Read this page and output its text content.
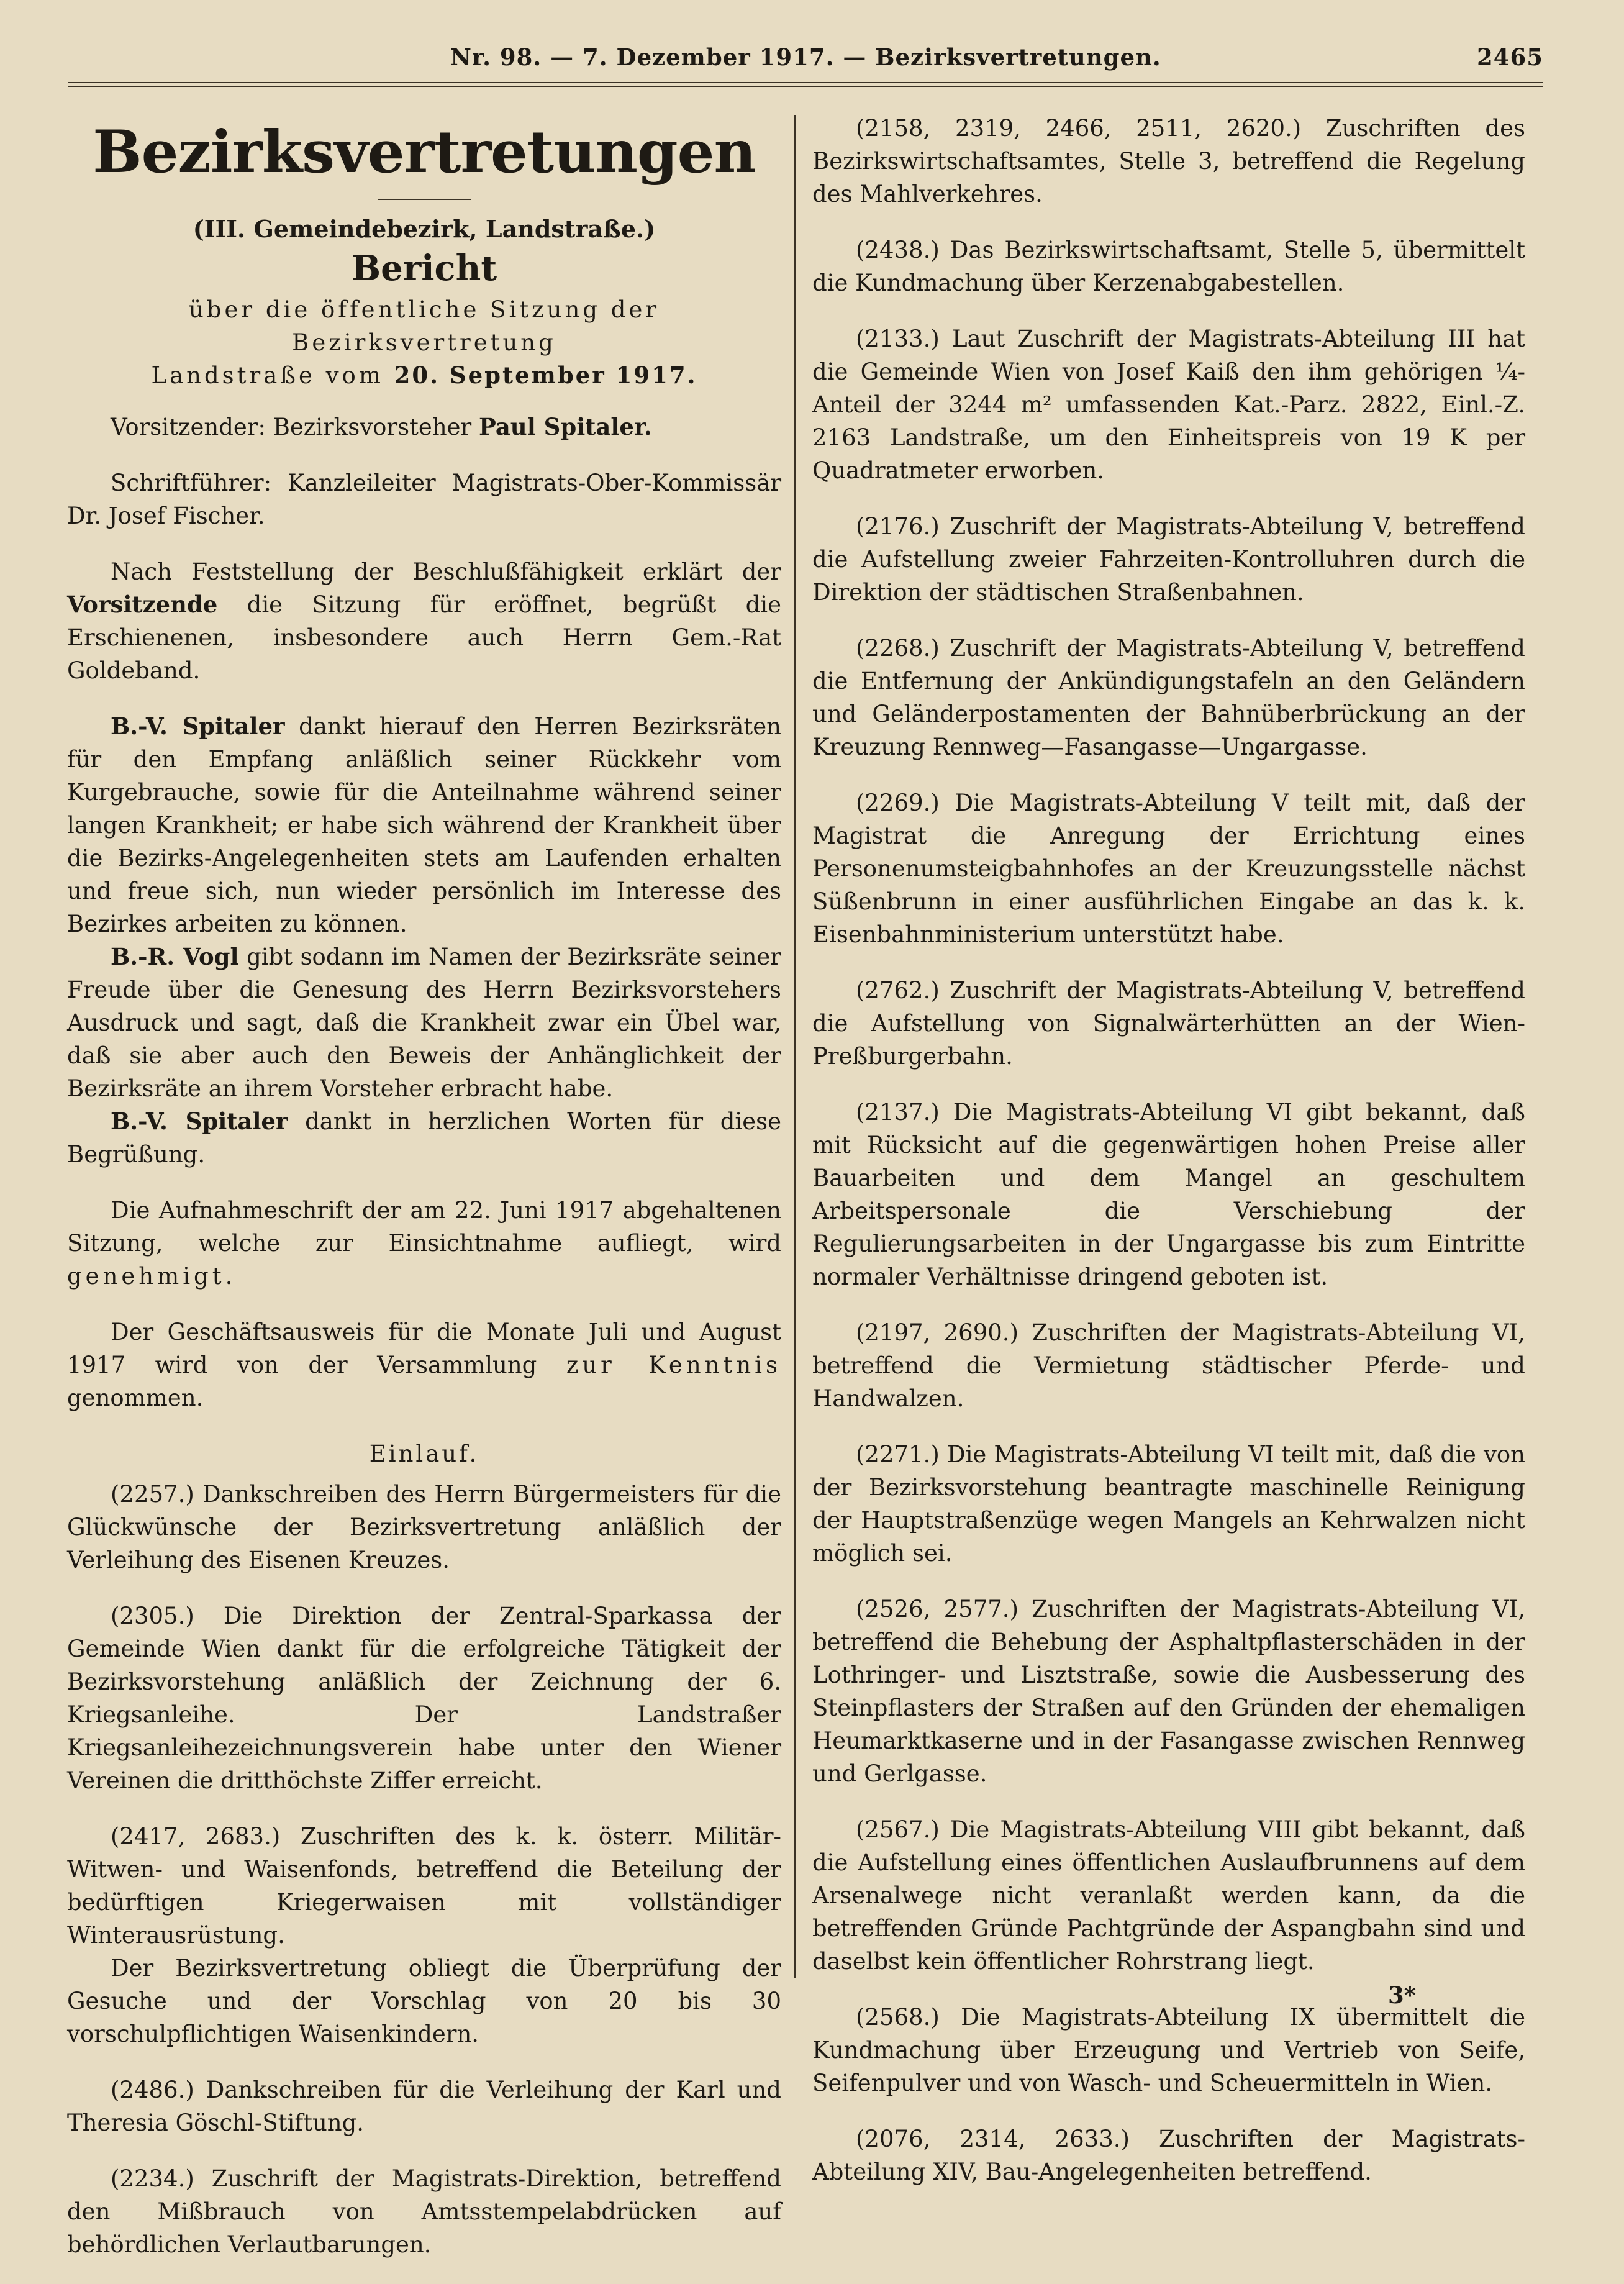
Nr. 98. — 7. Dezember 1917. — Bezirksvertretungen.	2465
Bezirksvertretungen
(III. Gemeindebezirk, Landstraße.)
Bericht
über die öffentliche Sitzung der Bezirksvertretung
Landstraße vom 20. September 1917.

Vorsitzender: Bezirksvorsteher Paul Spitaler.

Schriftführer: Kanzleileiter Magistrats-Ober-Kommissär Dr. Josef Fischer.

Nach Feststellung der Beschlußfähigkeit erklärt der Vorsitzende die Sitzung für eröffnet, begrüßt die Erschienenen, insbesondere auch Herrn Gem.-Rat Goldeband.

B.-V. Spitaler dankt hierauf den Herren Bezirksräten für den Empfang anläßlich seiner Rückkehr vom Kurgebrauche, sowie für die Anteilnahme während seiner langen Krankheit; er habe sich während der Krankheit über die Bezirks-Angelegenheiten stets am Laufenden erhalten und freue sich, nun wieder persönlich im Interesse des Bezirkes arbeiten zu können.

B.-R. Vogl gibt sodann im Namen der Bezirksräte seiner Freude über die Genesung des Herrn Bezirksvorstehers Ausdruck und sagt, daß die Krankheit zwar ein Übel war, daß sie aber auch den Beweis der Anhänglichkeit der Bezirksräte an ihrem Vorsteher erbracht habe.

B.-V. Spitaler dankt in herzlichen Worten für diese Begrüßung.

Die Aufnahmeschrift der am 22. Juni 1917 abgehaltenen Sitzung, welche zur Einsichtnahme aufliegt, wird genehmigt.

Der Geschäftsausweis für die Monate Juli und August 1917 wird von der Versammlung zur Kenntnis genommen.

Einlauf.

(2257.) Dankschreiben des Herrn Bürgermeisters für die Glückwünsche der Bezirksvertretung anläßlich der Verleihung des Eisenen Kreuzes.

(2305.) Die Direktion der Zentral-Sparkassa der Gemeinde Wien dankt für die erfolgreiche Tätigkeit der Bezirksvorstehung anläßlich der Zeichnung der 6. Kriegsanleihe. Der Landstraßer Kriegsanleihezeichnungsverein habe unter den Wiener Vereinen die dritthöchste Ziffer erreicht.

(2417, 2683.) Zuschriften des k. k. österr. Militär-Witwen- und Waisenfonds, betreffend die Beteilung der bedürftigen Kriegerwaisen mit vollständiger Winterausrüstung.

Der Bezirksvertretung obliegt die Überprüfung der Gesuche und der Vorschlag von 20 bis 30 vorschulpflichtigen Waisenkindern.

(2486.) Dankschreiben für die Verleihung der Karl und Theresia Göschl-Stiftung.

(2234.) Zuschrift der Magistrats-Direktion, betreffend den Mißbrauch von Amtsstempelabdrücken auf behördlichen Verlautbarungen.

(2158, 2319, 2466, 2511, 2620.) Zuschriften des Bezirkswirtschaftsamtes, Stelle 3, betreffend die Regelung des Mahlverkehres.

(2438.) Das Bezirkswirtschaftsamt, Stelle 5, übermittelt die Kundmachung über Kerzenabgabestellen.

(2133.) Laut Zuschrift der Magistrats-Abteilung III hat die Gemeinde Wien von Josef Kaiß den ihm gehörigen ¼-Anteil der 3244 m² umfassenden Kat.-Parz. 2822, Einl.-Z. 2163 Landstraße, um den Einheitspreis von 19 K per Quadratmeter erworben.

(2176.) Zuschrift der Magistrats-Abteilung V, betreffend die Aufstellung zweier Fahrzeiten-Kontrolluhren durch die Direktion der städtischen Straßenbahnen.

(2268.) Zuschrift der Magistrats-Abteilung V, betreffend die Entfernung der Ankündigungstafeln an den Geländern und Geländerpostamenten der Bahnüberbrückung an der Kreuzung Rennweg—Fasangasse—Ungargasse.

(2269.) Die Magistrats-Abteilung V teilt mit, daß der Magistrat die Anregung der Errichtung eines Personenumsteigbahnhofes an der Kreuzungsstelle nächst Süßenbrunn in einer ausführlichen Eingabe an das k. k. Eisenbahnministerium unterstützt habe.

(2762.) Zuschrift der Magistrats-Abteilung V, betreffend die Aufstellung von Signalwärterhütten an der Wien-Preßburgerbahn.

(2137.) Die Magistrats-Abteilung VI gibt bekannt, daß mit Rücksicht auf die gegenwärtigen hohen Preise aller Bauarbeiten und dem Mangel an geschultem Arbeitspersonale die Verschiebung der Regulierungsarbeiten in der Ungargasse bis zum Eintritte normaler Verhältnisse dringend geboten ist.

(2197, 2690.) Zuschriften der Magistrats-Abteilung VI, betreffend die Vermietung städtischer Pferde- und Handwalzen.

(2271.) Die Magistrats-Abteilung VI teilt mit, daß die von der Bezirksvorstehung beantragte maschinelle Reinigung der Hauptstraßenzüge wegen Mangels an Kehrwalzen nicht möglich sei.

(2526, 2577.) Zuschriften der Magistrats-Abteilung VI, betreffend die Behebung der Asphaltpflasterschäden in der Lothringer- und Lisztstraße, sowie die Ausbesserung des Steinpflasters der Straßen auf den Gründen der ehemaligen Heumarktkaserne und in der Fasangasse zwischen Rennweg und Gerlgasse.

(2567.) Die Magistrats-Abteilung VIII gibt bekannt, daß die Aufstellung eines öffentlichen Auslaufbrunnens auf dem Arsenalwege nicht veranlaßt werden kann, da die betreffenden Gründe Pachtgründe der Aspangbahn sind und daselbst kein öffentlicher Rohrstrang liegt.

(2568.) Die Magistrats-Abteilung IX übermittelt die Kundmachung über Erzeugung und Vertrieb von Seife, Seifenpulver und von Wasch- und Scheuermitteln in Wien.

(2076, 2314, 2633.) Zuschriften der Magistrats-Abteilung XIV, Bau-Angelegenheiten betreffend.

3*
